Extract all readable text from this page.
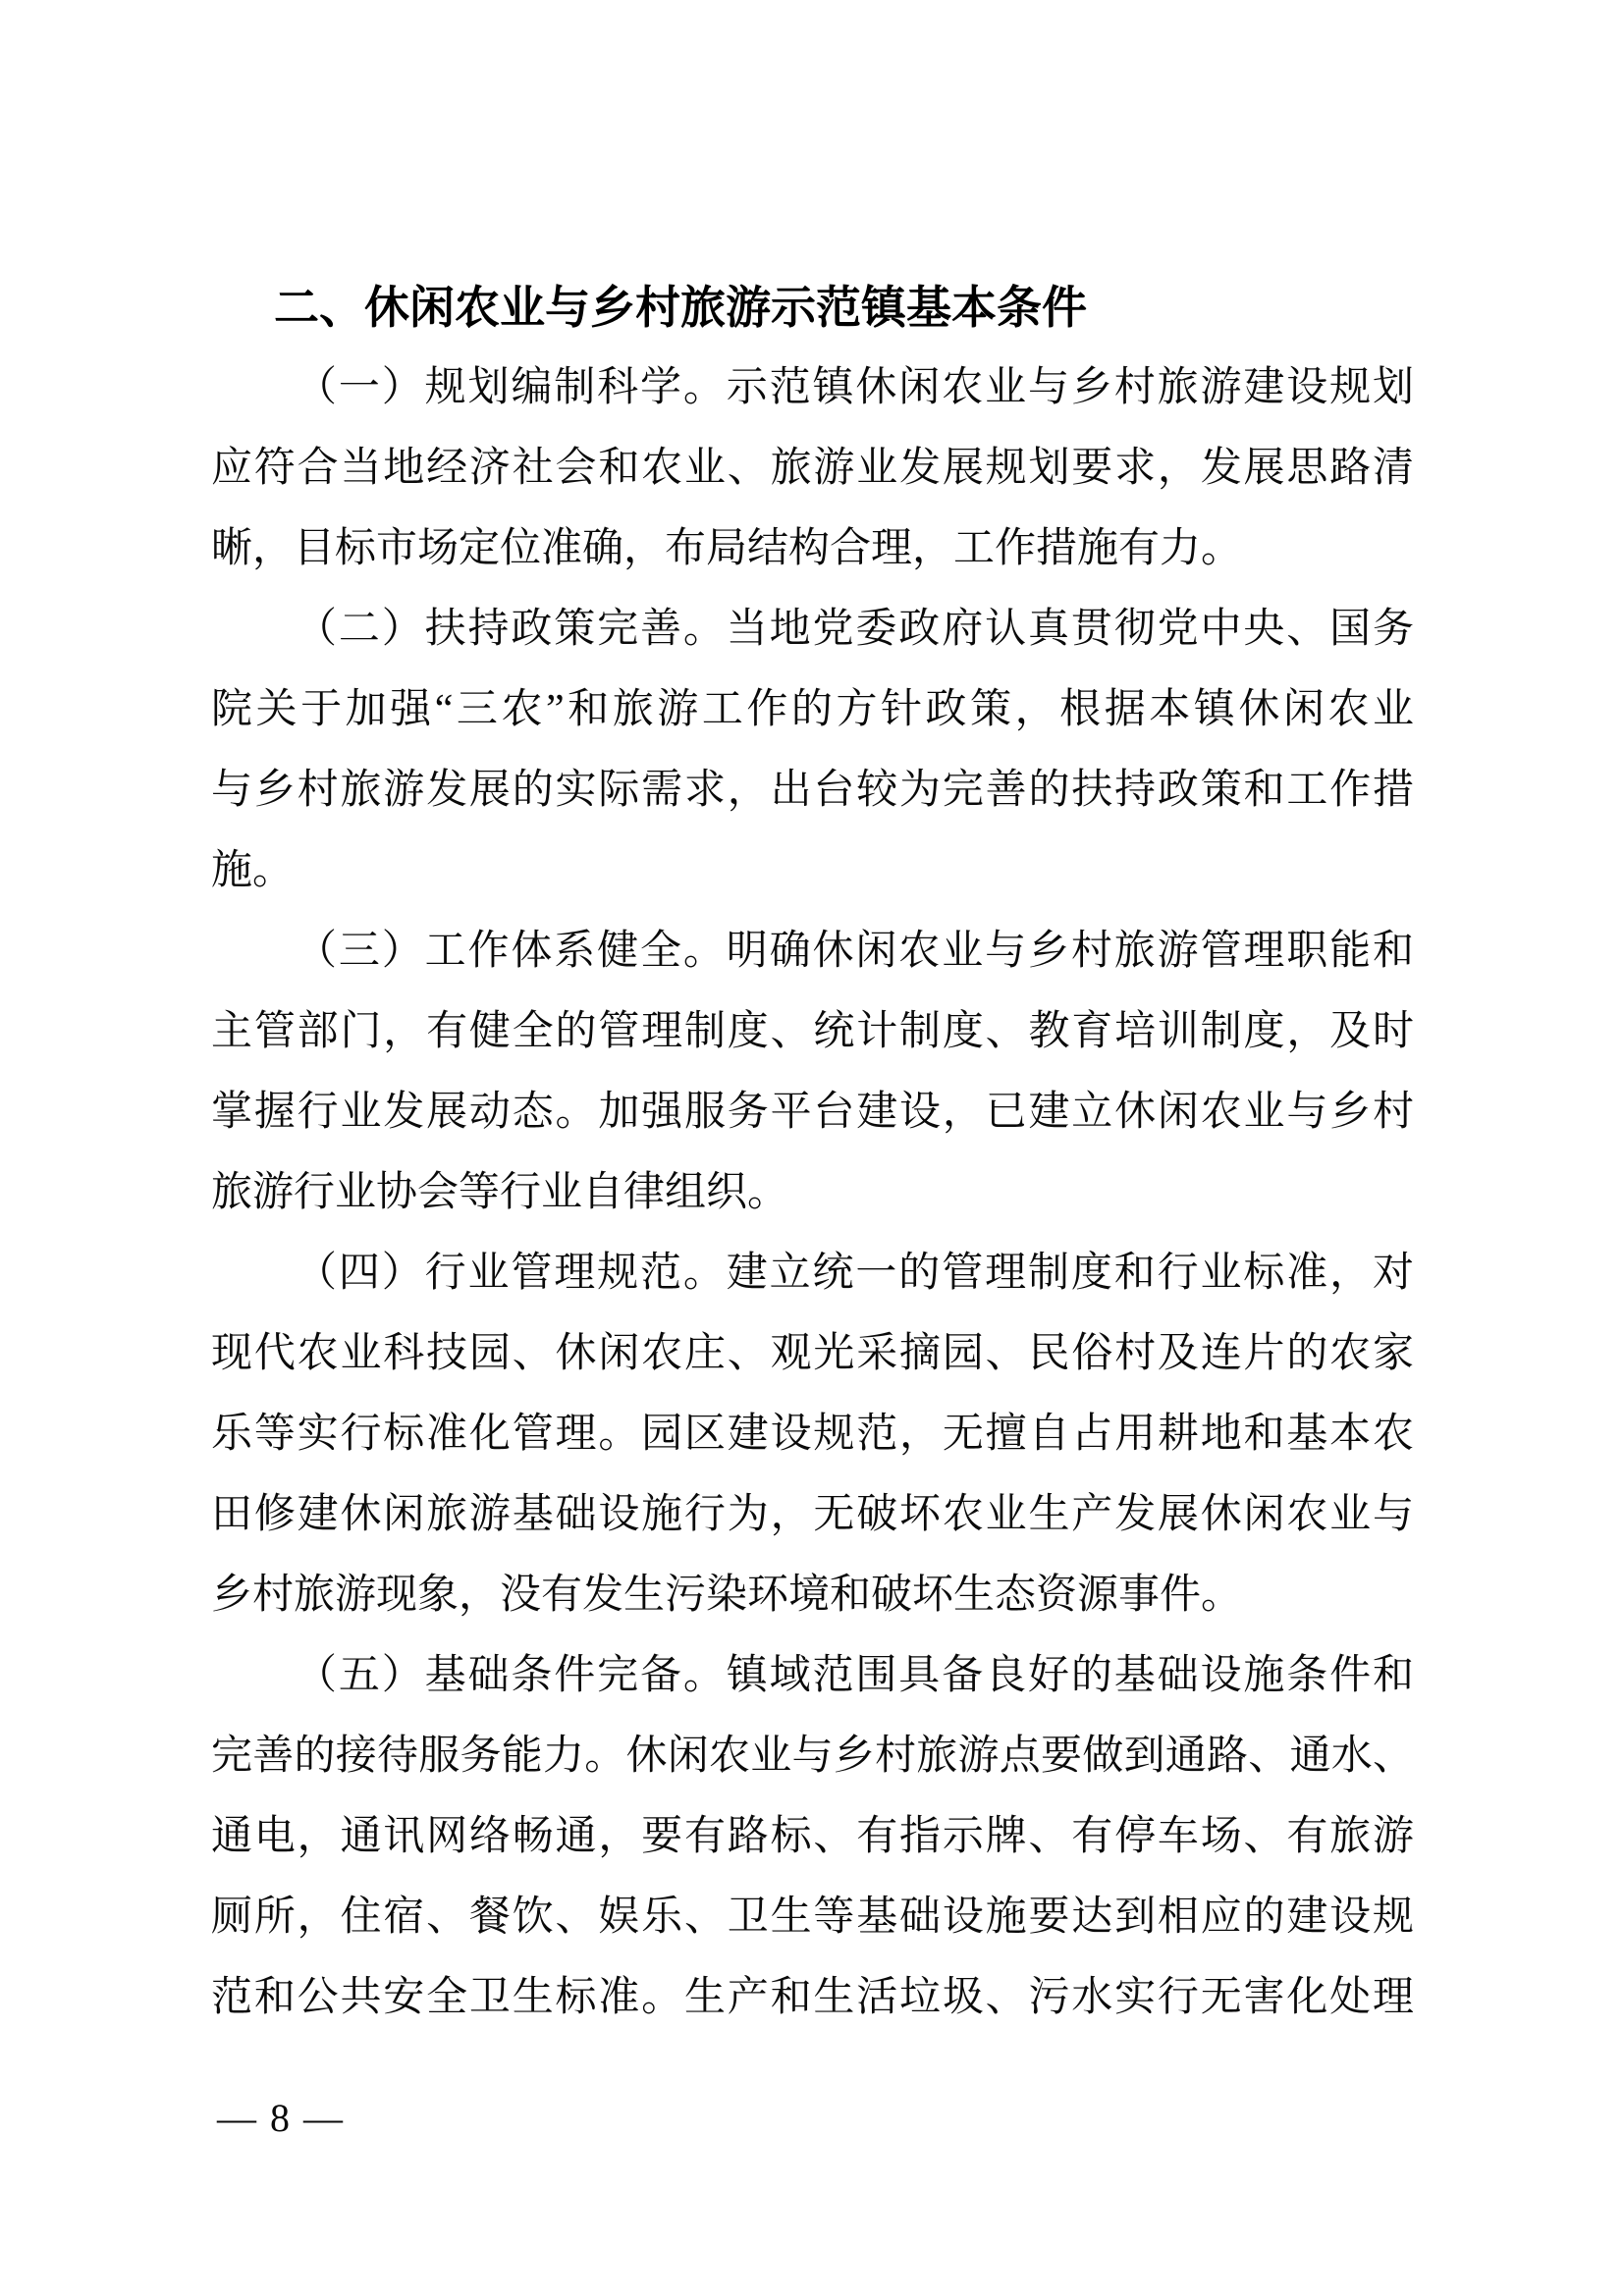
二、休闲农业与乡村旅游示范镇基本条件

（一）规划编制科学。示范镇休闲农业与乡村旅游建设规划

应符合当地经济社会和农业、旅游业发展规划要求，发展思路清

晰，目标市场定位准确，布局结构合理，工作措施有力。

（二）扶持政策完善。当地党委政府认真贯彻党中央、国务

院关于加强“三农”和旅游工作的方针政策，根据本镇休闲农业

与乡村旅游发展的实际需求，出台较为完善的扶持政策和工作措

施。

（三）工作体系健全。明确休闲农业与乡村旅游管理职能和

主管部门，有健全的管理制度、统计制度、教育培训制度，及时

掌握行业发展动态。加强服务平台建设，已建立休闲农业与乡村

旅游行业协会等行业自律组织。

（四）行业管理规范。建立统一的管理制度和行业标准，对

现代农业科技园、休闲农庄、观光采摘园、民俗村及连片的农家

乐等实行标准化管理。园区建设规范，无擅自占用耕地和基本农

田修建休闲旅游基础设施行为，无破坏农业生产发展休闲农业与

乡村旅游现象，没有发生污染环境和破坏生态资源事件。

（五）基础条件完备。镇域范围具备良好的基础设施条件和

完善的接待服务能力。休闲农业与乡村旅游点要做到通路、通水、

通电，通讯网络畅通，要有路标、有指示牌、有停车场、有旅游

厕所，住宿、餐饮、娱乐、卫生等基础设施要达到相应的建设规

范和公共安全卫生标准。生产和生活垃圾、污水实行无害化处理

— 8 —
